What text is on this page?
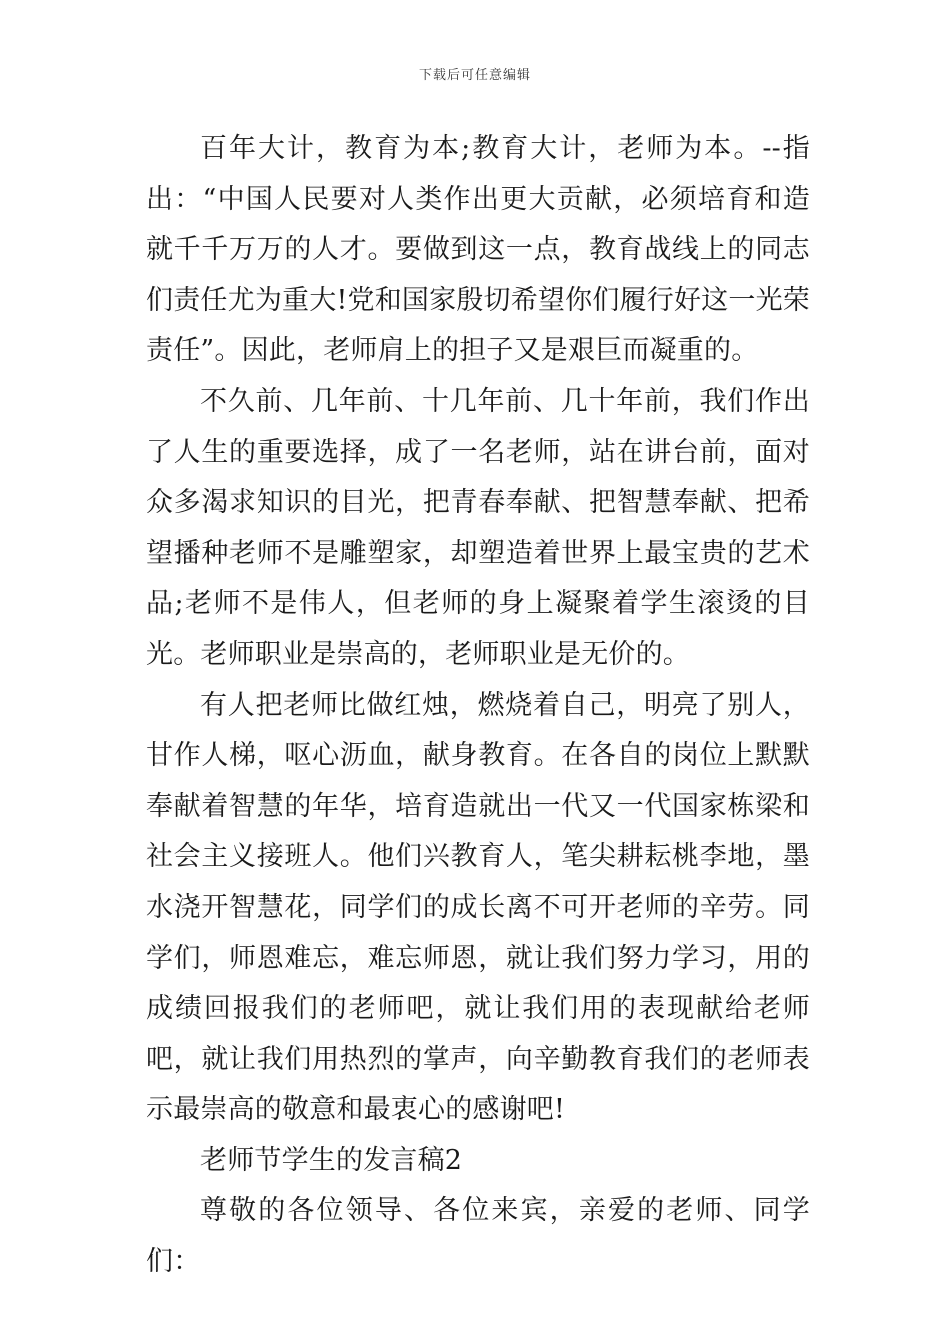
下载后可任意编辑

百年大计，教育为本;教育大计，老师为本。--指出：“中国人民要对人类作出更大贡献，必须培育和造就千千万万的人才。要做到这一点，教育战线上的同志们责任尤为重大!党和国家殷切希望你们履行好这一光荣责任”。因此，老师肩上的担子又是艰巨而凝重的。

不久前、几年前、十几年前、几十年前，我们作出了人生的重要选择，成了一名老师，站在讲台前，面对众多渴求知识的目光，把青春奉献、把智慧奉献、把希望播种老师不是雕塑家，却塑造着世界上最宝贵的艺术品;老师不是伟人，但老师的身上凝聚着学生滚烫的目光。老师职业是崇高的，老师职业是无价的。

有人把老师比做红烛，燃烧着自己，明亮了别人，甘作人梯，呕心沥血，献身教育。在各自的岗位上默默奉献着智慧的年华，培育造就出一代又一代国家栋梁和社会主义接班人。他们兴教育人，笔尖耕耘桃李地，墨水浇开智慧花，同学们的成长离不可开老师的辛劳。同学们，师恩难忘，难忘师恩，就让我们努力学习，用的成绩回报我们的老师吧，就让我们用的表现献给老师吧，就让我们用热烈的掌声，向辛勤教育我们的老师表示最崇高的敬意和最衷心的感谢吧!

老师节学生的发言稿2

尊敬的各位领导、各位来宾，亲爱的老师、同学们：
